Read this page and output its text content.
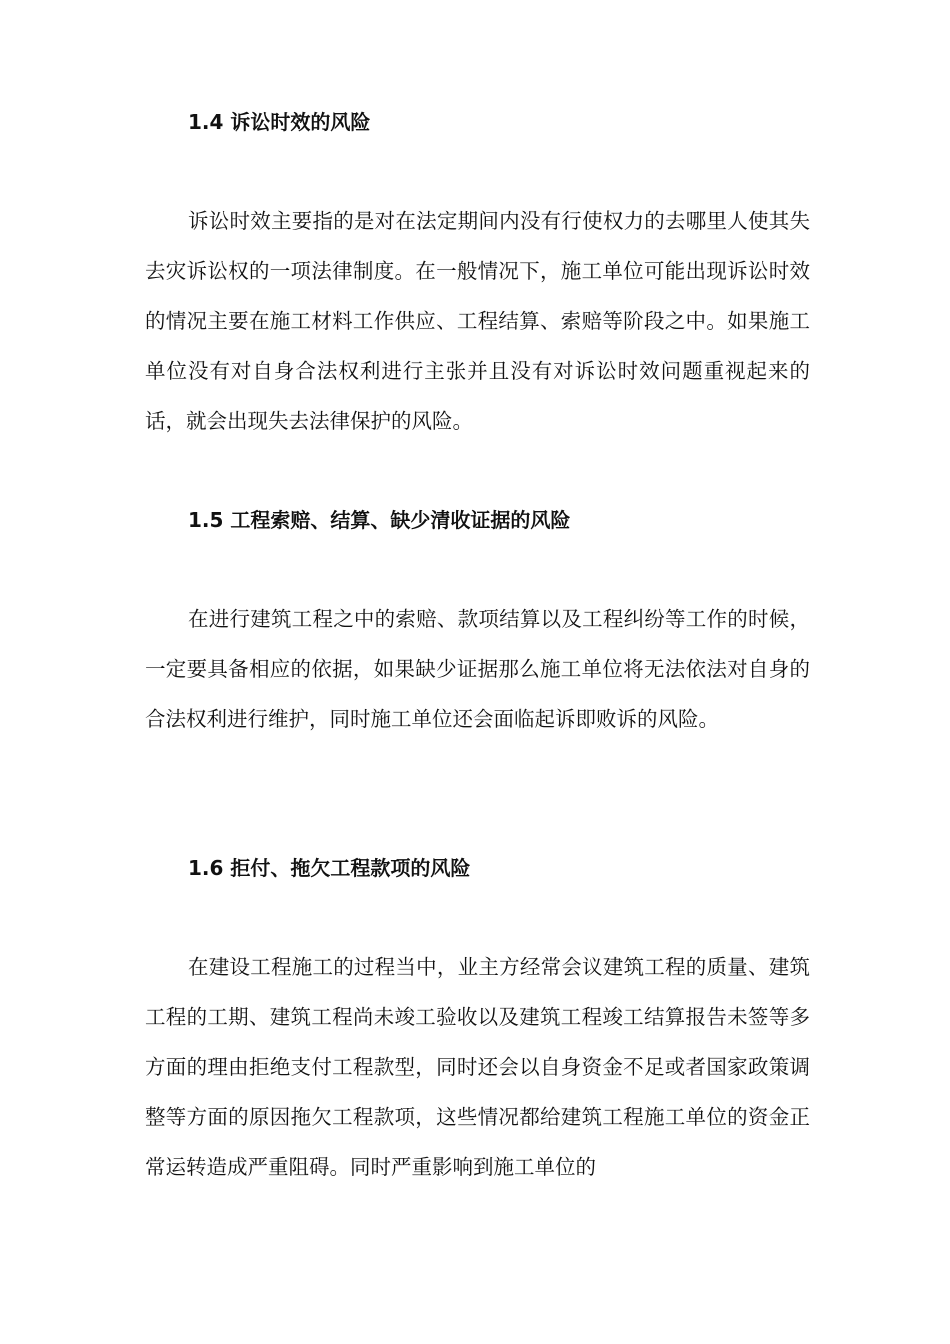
1.4 诉讼时效的风险

诉讼时效主要指的是对在法定期间内没有行使权力的去哪里人使其失去灾诉讼权的一项法律制度。在一般情况下，施工单位可能出现诉讼时效的情况主要在施工材料工作供应、工程结算、索赔等阶段之中。如果施工单位没有对自身合法权利进行主张并且没有对诉讼时效问题重视起来的话，就会出现失去法律保护的风险。

1.5 工程索赔、结算、缺少清收证据的风险

在进行建筑工程之中的索赔、款项结算以及工程纠纷等工作的时候，一定要具备相应的依据，如果缺少证据那么施工单位将无法依法对自身的合法权利进行维护，同时施工单位还会面临起诉即败诉的风险。

1.6 拒付、拖欠工程款项的风险

在建设工程施工的过程当中，业主方经常会议建筑工程的质量、建筑工程的工期、建筑工程尚未竣工验收以及建筑工程竣工结算报告未签等多方面的理由拒绝支付工程款型，同时还会以自身资金不足或者国家政策调整等方面的原因拖欠工程款项，这些情况都给建筑工程施工单位的资金正常运转造成严重阻碍。同时严重影响到施工单位的
